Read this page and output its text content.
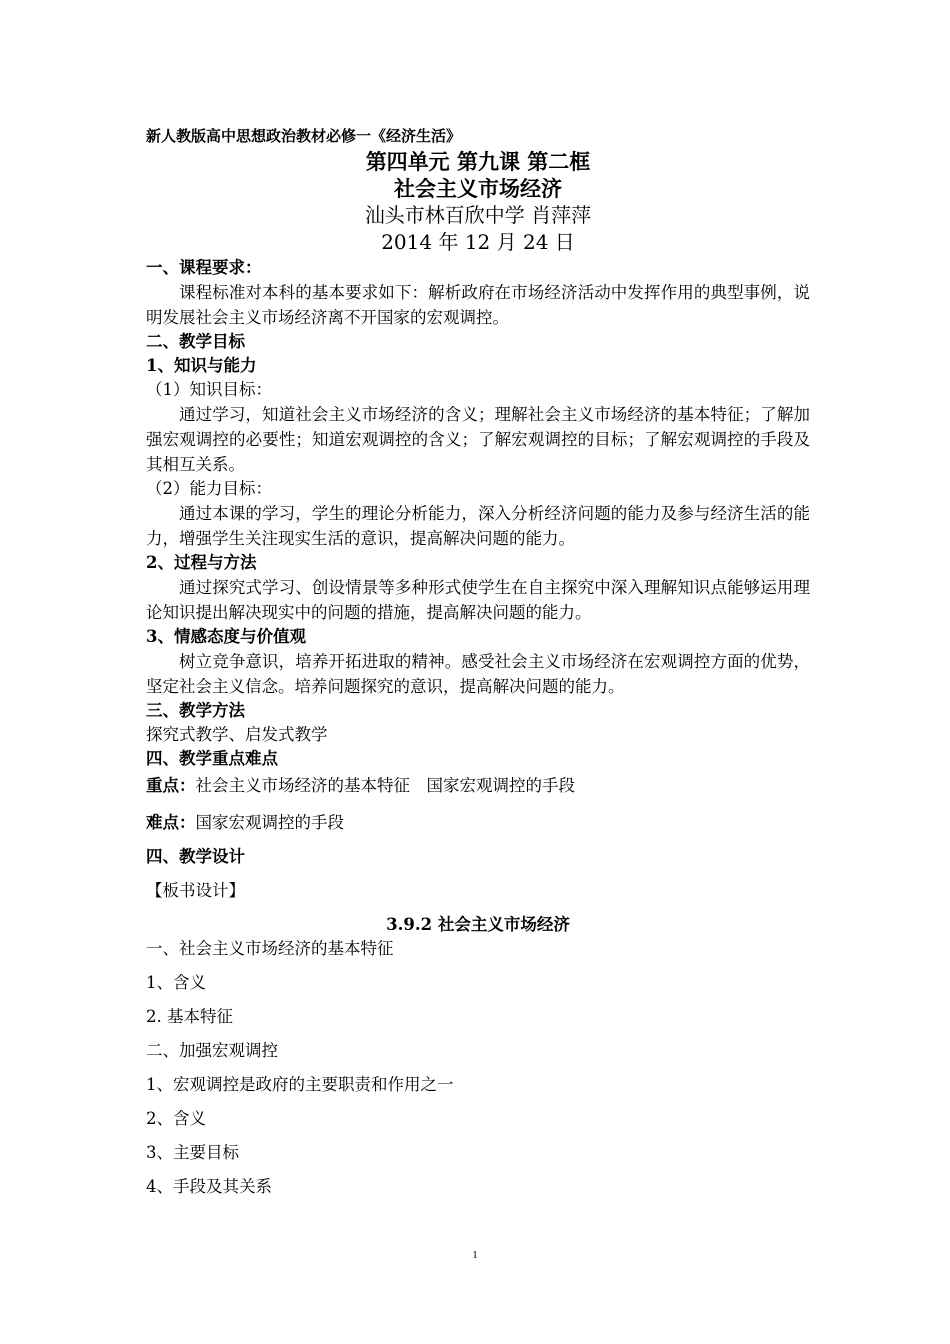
新人教版高中思想政治教材必修一《经济生活》
第四单元 第九课 第二框
社会主义市场经济
汕头市林百欣中学 肖萍萍
2014 年 12 月 24 日
一、课程要求：

课程标准对本科的基本要求如下：解析政府在市场经济活动中发挥作用的典型事例，说明发展社会主义市场经济离不开国家的宏观调控。

二、教学目标
1、知识与能力
（1）知识目标：

通过学习，知道社会主义市场经济的含义；理解社会主义市场经济的基本特征；了解加强宏观调控的必要性；知道宏观调控的含义；了解宏观调控的目标；了解宏观调控的手段及其相互关系。

（2）能力目标：

通过本课的学习，学生的理论分析能力，深入分析经济问题的能力及参与经济生活的能力，增强学生关注现实生活的意识，提高解决问题的能力。

2、过程与方法

通过探究式学习、创设情景等多种形式使学生在自主探究中深入理解知识点能够运用理论知识提出解决现实中的问题的措施，提高解决问题的能力。

3、情感态度与价值观

树立竞争意识，培养开拓进取的精神。感受社会主义市场经济在宏观调控方面的优势，坚定社会主义信念。培养问题探究的意识，提高解决问题的能力。

三、教学方法
探究式教学、启发式教学
四、教学重点难点
重点：社会主义市场经济的基本特征　国家宏观调控的手段
难点：国家宏观调控的手段
四、教学设计
【板书设计】
3.9.2 社会主义市场经济
一、社会主义市场经济的基本特征
1、含义
2. 基本特征
二、加强宏观调控
1、宏观调控是政府的主要职责和作用之一
2、含义
3、主要目标
4、手段及其关系
1
